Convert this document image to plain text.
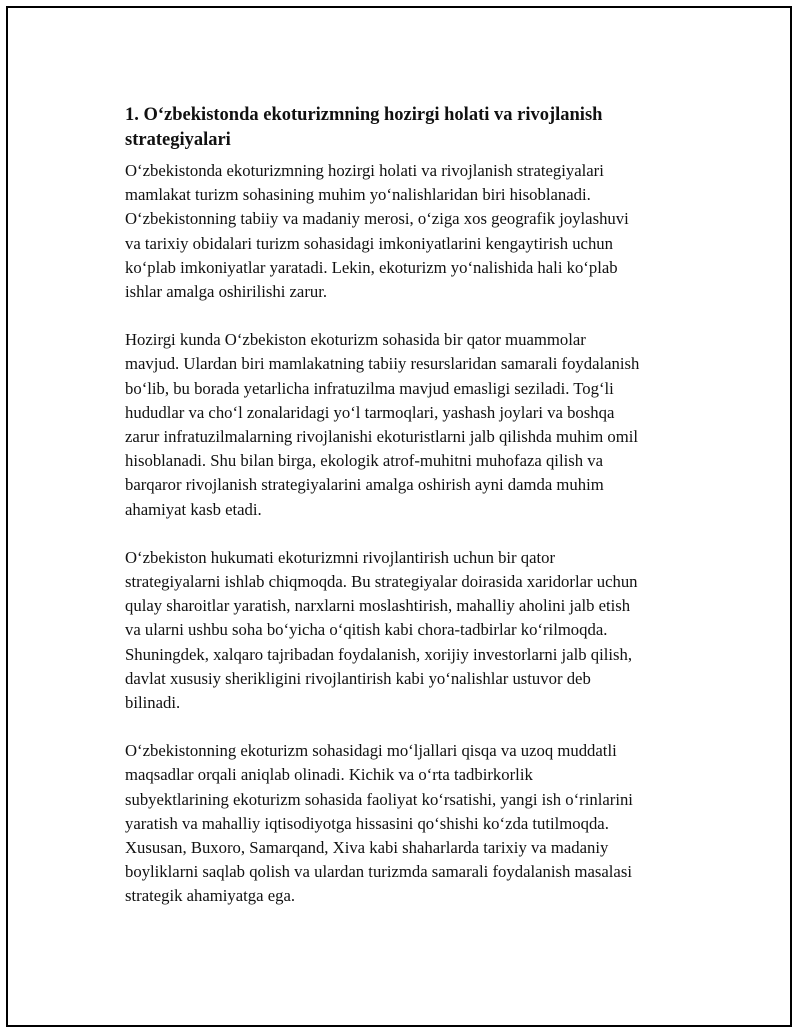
1. O‘zbekistonda ekoturizmning hozirgi holati va rivojlanish
strategiyalari

O‘zbekistonda ekoturizmning hozirgi holati va rivojlanish strategiyalari
mamlakat turizm sohasining muhim yo‘nalishlaridan biri hisoblanadi.
O‘zbekistonning tabiiy va madaniy merosi, o‘ziga xos geografik joylashuvi
va tarixiy obidalari turizm sohasidagi imkoniyatlarini kengaytirish uchun
ko‘plab imkoniyatlar yaratadi. Lekin, ekoturizm yo‘nalishida hali ko‘plab
ishlar amalga oshirilishi zarur.

Hozirgi kunda O‘zbekiston ekoturizm sohasida bir qator muammolar
mavjud. Ulardan biri mamlakatning tabiiy resurslaridan samarali foydalanish
bo‘lib, bu borada yetarlicha infratuzilma mavjud emasligi seziladi. Tog‘li
hududlar va cho‘l zonalaridagi yo‘l tarmoqlari, yashash joylari va boshqa
zarur infratuzilmalarning rivojlanishi ekoturistlarni jalb qilishda muhim omil
hisoblanadi. Shu bilan birga, ekologik atrof-muhitni muhofaza qilish va
barqaror rivojlanish strategiyalarini amalga oshirish ayni damda muhim
ahamiyat kasb etadi.

O‘zbekiston hukumati ekoturizmni rivojlantirish uchun bir qator
strategiyalarni ishlab chiqmoqda. Bu strategiyalar doirasida xaridorlar uchun
qulay sharoitlar yaratish, narxlarni moslashtirish, mahalliy aholini jalb etish
va ularni ushbu soha bo‘yicha o‘qitish kabi chora-tadbirlar ko‘rilmoqda.
Shuningdek, xalqaro tajribadan foydalanish, xorijiy investorlarni jalb qilish,
davlat xususiy sherikligini rivojlantirish kabi yo‘nalishlar ustuvor deb
bilinadi.

O‘zbekistonning ekoturizm sohasidagi mo‘ljallari qisqa va uzoq muddatli
maqsadlar orqali aniqlab olinadi. Kichik va o‘rta tadbirkorlik
subyektlarining ekoturizm sohasida faoliyat ko‘rsatishi, yangi ish o‘rinlarini
yaratish va mahalliy iqtisodiyotga hissasini qo‘shishi ko‘zda tutilmoqda.
Xususan, Buxoro, Samarqand, Xiva kabi shaharlarda tarixiy va madaniy
boyliklarni saqlab qolish va ulardan turizmda samarali foydalanish masalasi
strategik ahamiyatga ega.
